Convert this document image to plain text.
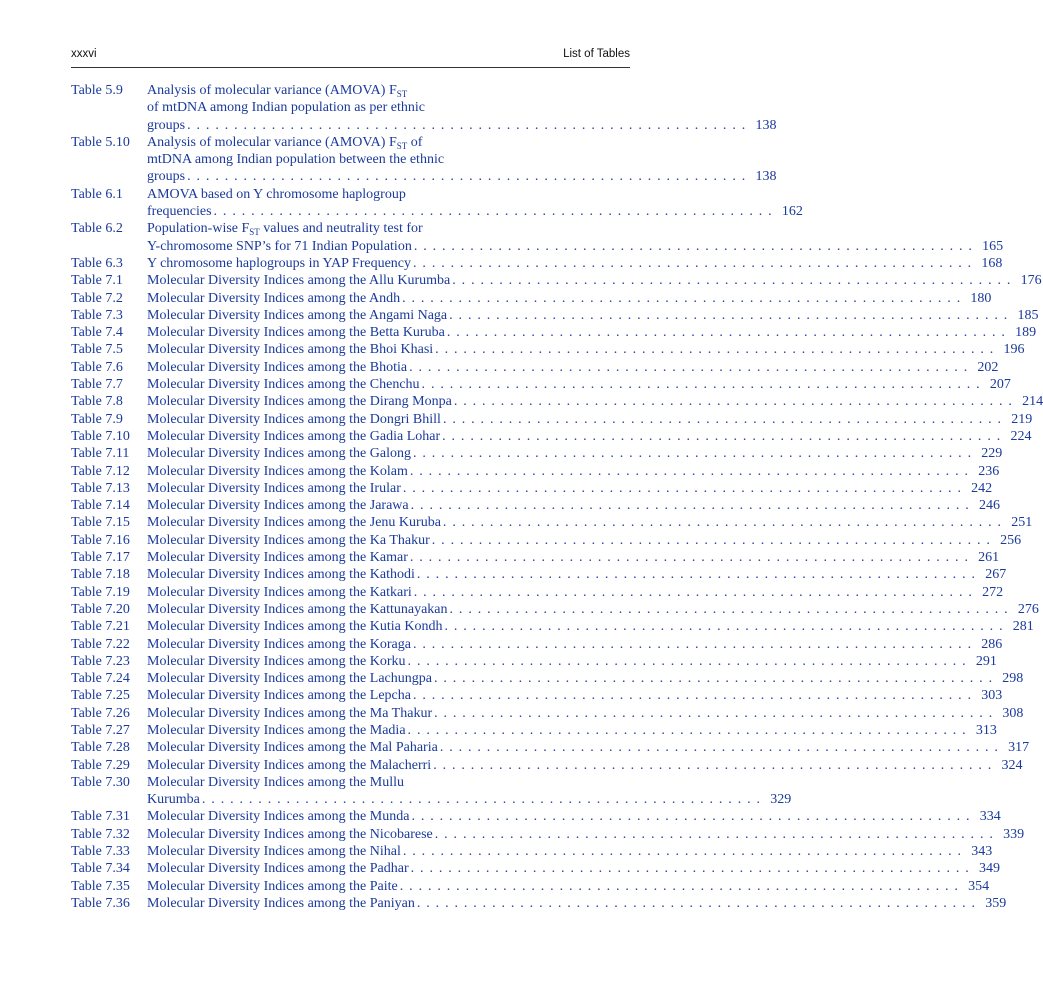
xxxvi	List of Tables
Table 5.9	Analysis of molecular variance (AMOVA) $F_{ST}$
of mtDNA among Indian population as per ethnic
groups . . . . . . . . . . . . . . . . . . . . . . . . . . . . . . . . . . . . . . . . . . . . . . . . . . . . . . . . . . . . 138
Table 5.10	Analysis of molecular variance (AMOVA) $F_{ST}$ of
mtDNA among Indian population between the ethnic
groups . . . . . . . . . . . . . . . . . . . . . . . . . . . . . . . . . . . . . . . . . . . . . . . . . . . . . . . . . . . . 138
Table 6.1	AMOVA based on Y chromosome haplogroup
frequencies . . . . . . . . . . . . . . . . . . . . . . . . . . . . . . . . . . . . . . . . . . . . . . . . . . . . . . . . . . . . 162
Table 6.2	Population-wise $F_{ST}$ values and neutrality test for
Y-chromosome SNP’s for 71 Indian Population . . . . . . . . . . . . . . . . . . . . . . . . . . . . . . . . . . . . . . . . . . . . . . . . . . . . . . . . . . . . 165
Table 6.3	Y chromosome haplogroups in YAP Frequency . . . . . . . . . . . . . . . . . . . . . . . . . . . . . . . . . . . . . . . . . . . . . . . . . . . . . . . . . . . . 168
Table 7.1	Molecular Diversity Indices among the Allu Kurumba . . . . . . . . . . . . . . . . . . . . . . . . . . . . . . . . . . . . . . . . . . . . . . . . . . . . . . . . . . . . 176
Table 7.2	Molecular Diversity Indices among the Andh . . . . . . . . . . . . . . . . . . . . . . . . . . . . . . . . . . . . . . . . . . . . . . . . . . . . . . . . . . . . 180
Table 7.3	Molecular Diversity Indices among the Angami Naga . . . . . . . . . . . . . . . . . . . . . . . . . . . . . . . . . . . . . . . . . . . . . . . . . . . . . . . . . . . . 185
Table 7.4	Molecular Diversity Indices among the Betta Kuruba . . . . . . . . . . . . . . . . . . . . . . . . . . . . . . . . . . . . . . . . . . . . . . . . . . . . . . . . . . . . 189
Table 7.5	Molecular Diversity Indices among the Bhoi Khasi . . . . . . . . . . . . . . . . . . . . . . . . . . . . . . . . . . . . . . . . . . . . . . . . . . . . . . . . . . . . 196
Table 7.6	Molecular Diversity Indices among the Bhotia . . . . . . . . . . . . . . . . . . . . . . . . . . . . . . . . . . . . . . . . . . . . . . . . . . . . . . . . . . . . 202
Table 7.7	Molecular Diversity Indices among the Chenchu . . . . . . . . . . . . . . . . . . . . . . . . . . . . . . . . . . . . . . . . . . . . . . . . . . . . . . . . . . . . 207
Table 7.8	Molecular Diversity Indices among the Dirang Monpa . . . . . . . . . . . . . . . . . . . . . . . . . . . . . . . . . . . . . . . . . . . . . . . . . . . . . . . . . . . . 214
Table 7.9	Molecular Diversity Indices among the Dongri Bhill . . . . . . . . . . . . . . . . . . . . . . . . . . . . . . . . . . . . . . . . . . . . . . . . . . . . . . . . . . . . 219
Table 7.10	Molecular Diversity Indices among the Gadia Lohar . . . . . . . . . . . . . . . . . . . . . . . . . . . . . . . . . . . . . . . . . . . . . . . . . . . . . . . . . . . . 224
Table 7.11	Molecular Diversity Indices among the Galong . . . . . . . . . . . . . . . . . . . . . . . . . . . . . . . . . . . . . . . . . . . . . . . . . . . . . . . . . . . . 229
Table 7.12	Molecular Diversity Indices among the Kolam . . . . . . . . . . . . . . . . . . . . . . . . . . . . . . . . . . . . . . . . . . . . . . . . . . . . . . . . . . . . 236
Table 7.13	Molecular Diversity Indices among the Irular . . . . . . . . . . . . . . . . . . . . . . . . . . . . . . . . . . . . . . . . . . . . . . . . . . . . . . . . . . . . 242
Table 7.14	Molecular Diversity Indices among the Jarawa . . . . . . . . . . . . . . . . . . . . . . . . . . . . . . . . . . . . . . . . . . . . . . . . . . . . . . . . . . . . 246
Table 7.15	Molecular Diversity Indices among the Jenu Kuruba . . . . . . . . . . . . . . . . . . . . . . . . . . . . . . . . . . . . . . . . . . . . . . . . . . . . . . . . . . . . 251
Table 7.16	Molecular Diversity Indices among the Ka Thakur . . . . . . . . . . . . . . . . . . . . . . . . . . . . . . . . . . . . . . . . . . . . . . . . . . . . . . . . . . . . 256
Table 7.17	Molecular Diversity Indices among the Kamar . . . . . . . . . . . . . . . . . . . . . . . . . . . . . . . . . . . . . . . . . . . . . . . . . . . . . . . . . . . . 261
Table 7.18	Molecular Diversity Indices among the Kathodi . . . . . . . . . . . . . . . . . . . . . . . . . . . . . . . . . . . . . . . . . . . . . . . . . . . . . . . . . . . . 267
Table 7.19	Molecular Diversity Indices among the Katkari . . . . . . . . . . . . . . . . . . . . . . . . . . . . . . . . . . . . . . . . . . . . . . . . . . . . . . . . . . . . 272
Table 7.20	Molecular Diversity Indices among the Kattunayakan . . . . . . . . . . . . . . . . . . . . . . . . . . . . . . . . . . . . . . . . . . . . . . . . . . . . . . . . . . . . 276
Table 7.21	Molecular Diversity Indices among the Kutia Kondh . . . . . . . . . . . . . . . . . . . . . . . . . . . . . . . . . . . . . . . . . . . . . . . . . . . . . . . . . . . . 281
Table 7.22	Molecular Diversity Indices among the Koraga . . . . . . . . . . . . . . . . . . . . . . . . . . . . . . . . . . . . . . . . . . . . . . . . . . . . . . . . . . . . 286
Table 7.23	Molecular Diversity Indices among the Korku . . . . . . . . . . . . . . . . . . . . . . . . . . . . . . . . . . . . . . . . . . . . . . . . . . . . . . . . . . . . 291
Table 7.24	Molecular Diversity Indices among the Lachungpa . . . . . . . . . . . . . . . . . . . . . . . . . . . . . . . . . . . . . . . . . . . . . . . . . . . . . . . . . . . . 298
Table 7.25	Molecular Diversity Indices among the Lepcha . . . . . . . . . . . . . . . . . . . . . . . . . . . . . . . . . . . . . . . . . . . . . . . . . . . . . . . . . . . . 303
Table 7.26	Molecular Diversity Indices among the Ma Thakur . . . . . . . . . . . . . . . . . . . . . . . . . . . . . . . . . . . . . . . . . . . . . . . . . . . . . . . . . . . . 308
Table 7.27	Molecular Diversity Indices among the Madia . . . . . . . . . . . . . . . . . . . . . . . . . . . . . . . . . . . . . . . . . . . . . . . . . . . . . . . . . . . . 313
Table 7.28	Molecular Diversity Indices among the Mal Paharia . . . . . . . . . . . . . . . . . . . . . . . . . . . . . . . . . . . . . . . . . . . . . . . . . . . . . . . . . . . . 317
Table 7.29	Molecular Diversity Indices among the Malacherri . . . . . . . . . . . . . . . . . . . . . . . . . . . . . . . . . . . . . . . . . . . . . . . . . . . . . . . . . . . . 324
Table 7.30	Molecular Diversity Indices among the Mullu
Kurumba . . . . . . . . . . . . . . . . . . . . . . . . . . . . . . . . . . . . . . . . . . . . . . . . . . . . . . . . . . . . 329
Table 7.31	Molecular Diversity Indices among the Munda . . . . . . . . . . . . . . . . . . . . . . . . . . . . . . . . . . . . . . . . . . . . . . . . . . . . . . . . . . . . 334
Table 7.32	Molecular Diversity Indices among the Nicobarese . . . . . . . . . . . . . . . . . . . . . . . . . . . . . . . . . . . . . . . . . . . . . . . . . . . . . . . . . . . . 339
Table 7.33	Molecular Diversity Indices among the Nihal . . . . . . . . . . . . . . . . . . . . . . . . . . . . . . . . . . . . . . . . . . . . . . . . . . . . . . . . . . . . 343
Table 7.34	Molecular Diversity Indices among the Padhar . . . . . . . . . . . . . . . . . . . . . . . . . . . . . . . . . . . . . . . . . . . . . . . . . . . . . . . . . . . . 349
Table 7.35	Molecular Diversity Indices among the Paite . . . . . . . . . . . . . . . . . . . . . . . . . . . . . . . . . . . . . . . . . . . . . . . . . . . . . . . . . . . . 354
Table 7.36	Molecular Diversity Indices among the Paniyan . . . . . . . . . . . . . . . . . . . . . . . . . . . . . . . . . . . . . . . . . . . . . . . . . . . . . . . . . . . . 359
